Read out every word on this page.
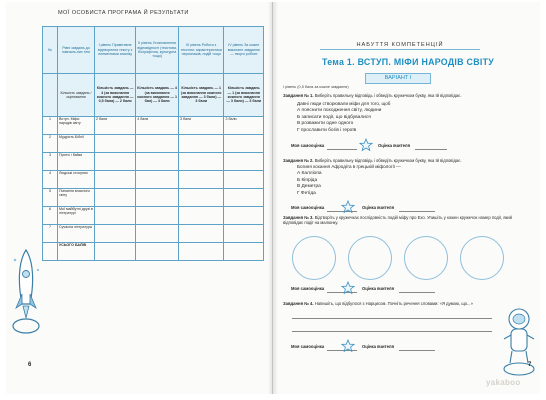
МОЇ ОСОБИСТА ПРОГРАМА Й РЕЗУЛЬТАТИ
№	Рівні завдань до навчаль-них тем	I рівень Примітивне відтворення тексту з елементами аналізу	II рівень Установлення відповідності (текстова, біографічна, культурна тощо)	III рівень Робота з текстом: характеристики персонажів, подій тощо	IV рівень За кожне виконане завдання — творчі роботи
	Кількість завдань / оцінювання	Кількість завдань — 4 (за виконання кожного завдання — 0,5 бала) — 2 бали	Кількість завдань — 4 (за виконання кожного завдання — 1 бал) — 4 бали	Кількість завдань — 1 (за виконання кожного завдання — 3 бали) — 3 бали	Кількість завдань — 1 (за виконання кожного завдання — 3 бали) — 3 бали
1	Вступ. Міфи народів світу	2 бали	4 бали	3 бали	3 бали
2	Мудрість Біблії				
3	Притчі і байки				
4	Людські стосунки				
5	Пізнання власного світу				
6	Мої майбутні друзі в літературі				
7	Сучасна література				
	УСЬОГО БАЛІВ				
6
НАБУТТЯ КОМПЕТЕНЦІЙ
Тема 1. ВСТУП. МІФИ НАРОДІВ СВІТУ
ВАРІАНТ І
І рівень (0,5 бала за кожне завдання)
Завдання № 1. Виберіть правильну відповідь і обведіть кружечком букву, яка їй відповідає.
Давні люди створювали міфи для того, щоб
А пояснити походження світу, людини
Б записати події, що відбувалися
В розважити одне одного
Г прославити богів і героїв
Моя самооцінка	Оцінка вчителя
Завдання № 2. Виберіть правильну відповідь і обведіть кружечком букву, яка їй відповідає.
Богиня кохання Афродіта в грецькій міфології —
А Калліопа
Б Кіпріда
В Деметра
Г Фетіда
Моя самооцінка	Оцінка вчителя
Завдання № 3. Відтворіть у кружечках послідовність подій міфу про Ехо. Упишіть у кожен кружечок номер події, який відповідає події на малюнку.
Моя самооцінка	Оцінка вчителя
Завдання № 4. Напишіть, що відбулося з Нарцисом. Почніть речення словами: «Я думаю, що...»
Моя самооцінка	Оцінка вчителя
7
yakaboo
